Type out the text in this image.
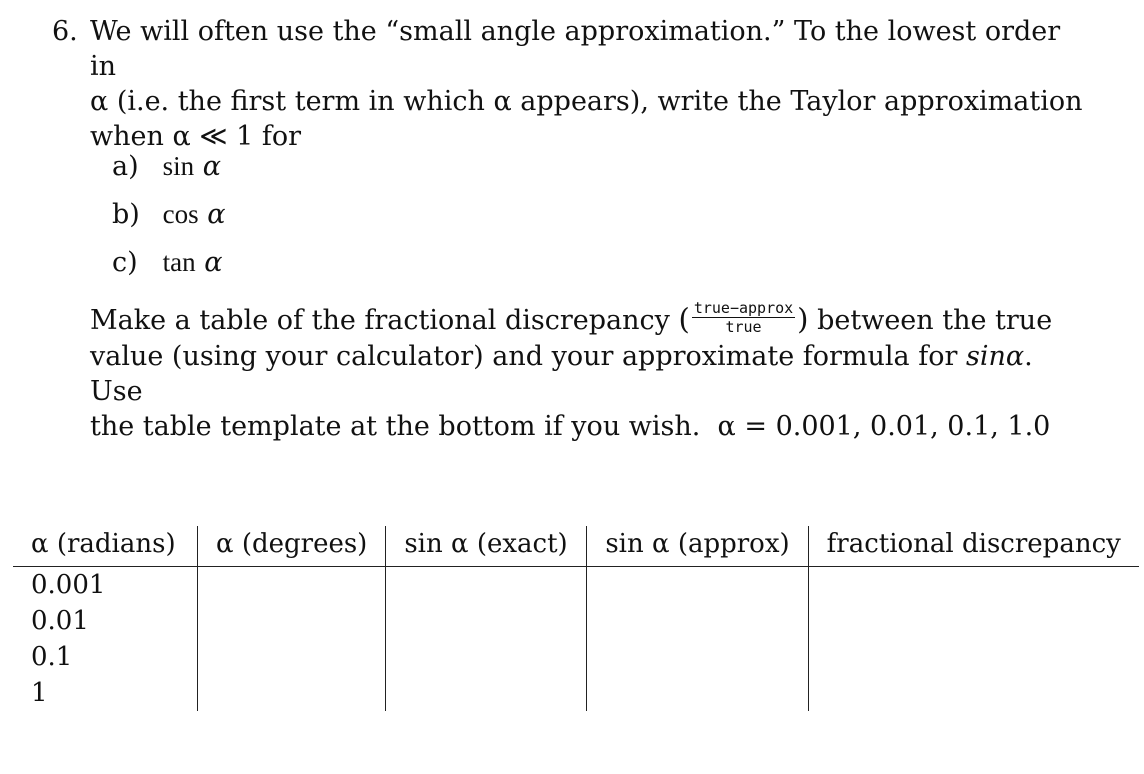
6. We will often use the “small angle approximation.” To the lowest order in
α (i.e. the first term in which α appears), write the Taylor approximation
when α ≪ 1 for
a) sin α
b) cos α
c) tan α
Make a table of the fractional discrepancy ( $\frac{\text{true−approx}}{\text{true}}$ ) between the true
value (using your calculator) and your approximate formula for sinα. Use
the table template at the bottom if you wish. α = 0.001, 0.01, 0.1, 1.0
α (radians)	α (degrees)	sin α (exact)	sin α (approx)	fractional discrepancy
0.001				
0.01				
0.1				
1				
